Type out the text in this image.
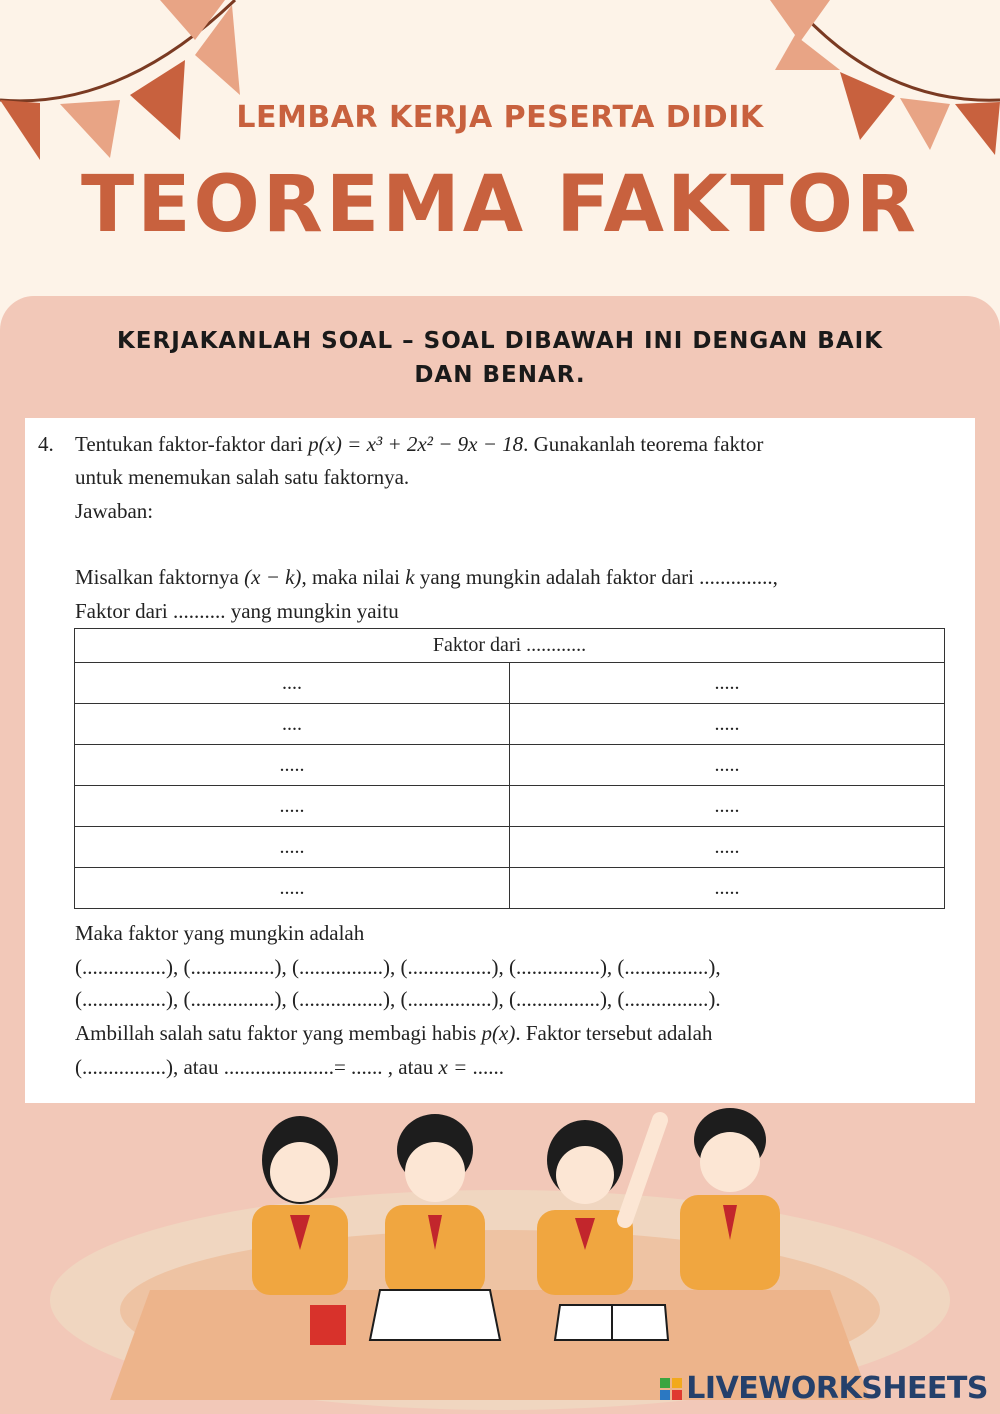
LEMBAR KERJA PESERTA DIDIK
TEOREMA FAKTOR
KERJAKANLAH SOAL – SOAL DIBAWAH INI DENGAN BAIK
DAN BENAR.
4. Tentukan faktor-faktor dari p(x) = x³ + 2x² − 9x − 18. Gunakanlah teorema faktor
untuk menemukan salah satu faktornya.
Jawaban:
Misalkan faktornya (x − k), maka nilai k yang mungkin adalah faktor dari ..............,
Faktor dari .......... yang mungkin yaitu
Faktor dari ............	
....	.....
....	.....
.....	.....
.....	.....
.....	.....
.....	.....
Maka faktor yang mungkin adalah
(................), (................), (................), (................), (................), (................),
(................), (................), (................), (................), (................), (................).
Ambillah salah satu faktor yang membagi habis p(x). Faktor tersebut adalah
(................), atau .....................= ...... , atau x = ......
LIVEWORKSHEETS
